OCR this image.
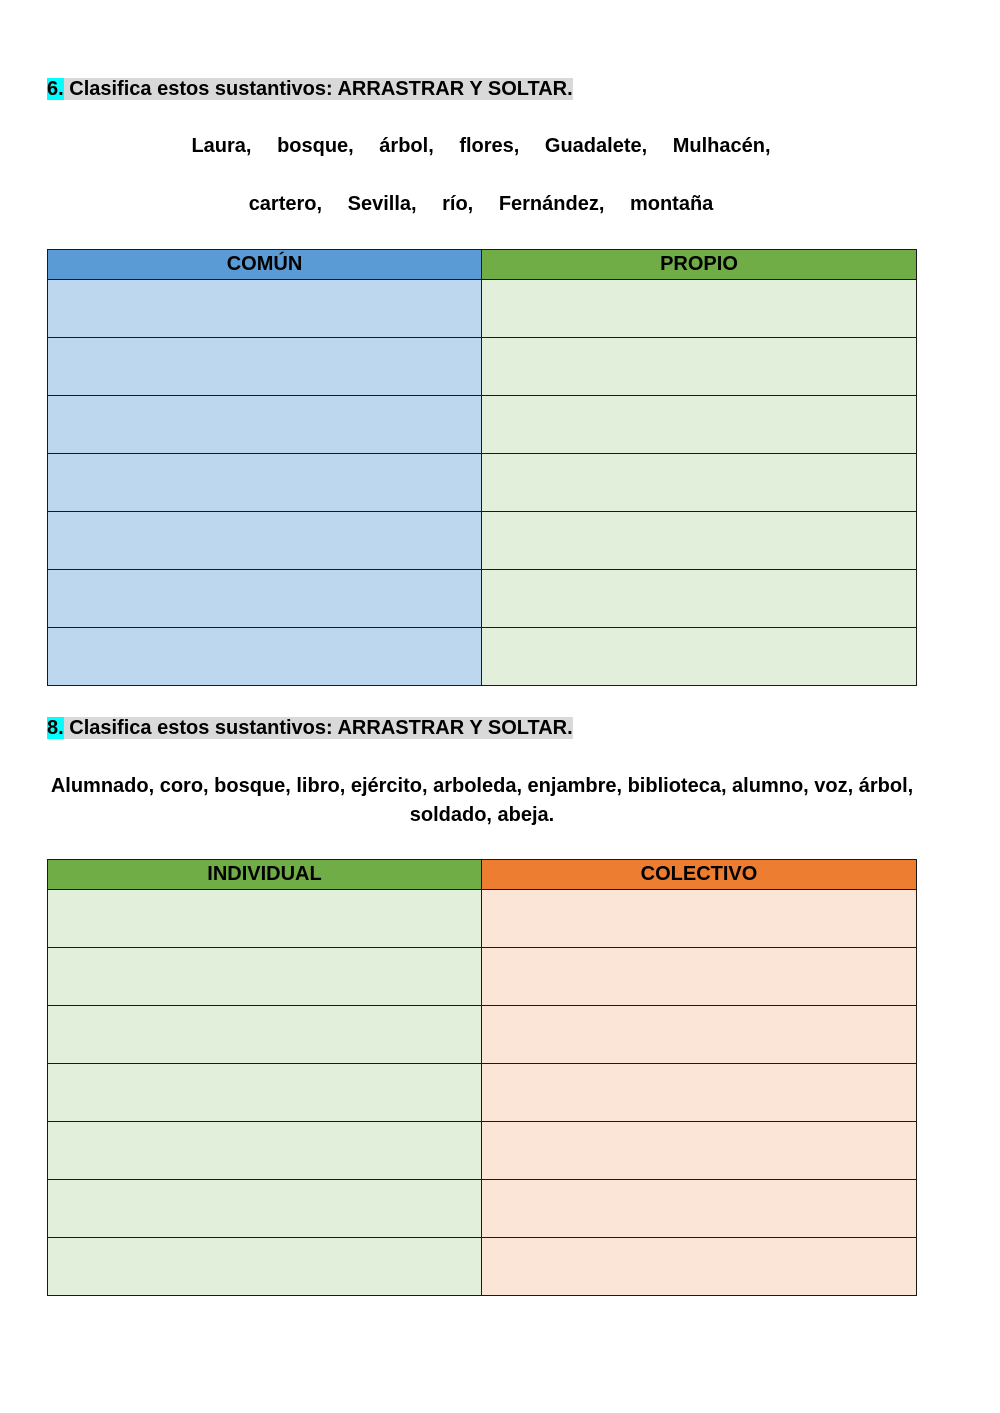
6. Clasifica estos sustantivos: ARRASTRAR Y SOLTAR.
Laura, bosque, árbol, flores, Guadalete, Mulhacén,
cartero, Sevilla, río, Fernández, montaña
COMÚN	PROPIO

8. Clasifica estos sustantivos: ARRASTRAR Y SOLTAR.
Alumnado, coro, bosque, libro, ejército, arboleda, enjambre, biblioteca, alumno, voz, árbol, soldado, abeja.
INDIVIDUAL	COLECTIVO
